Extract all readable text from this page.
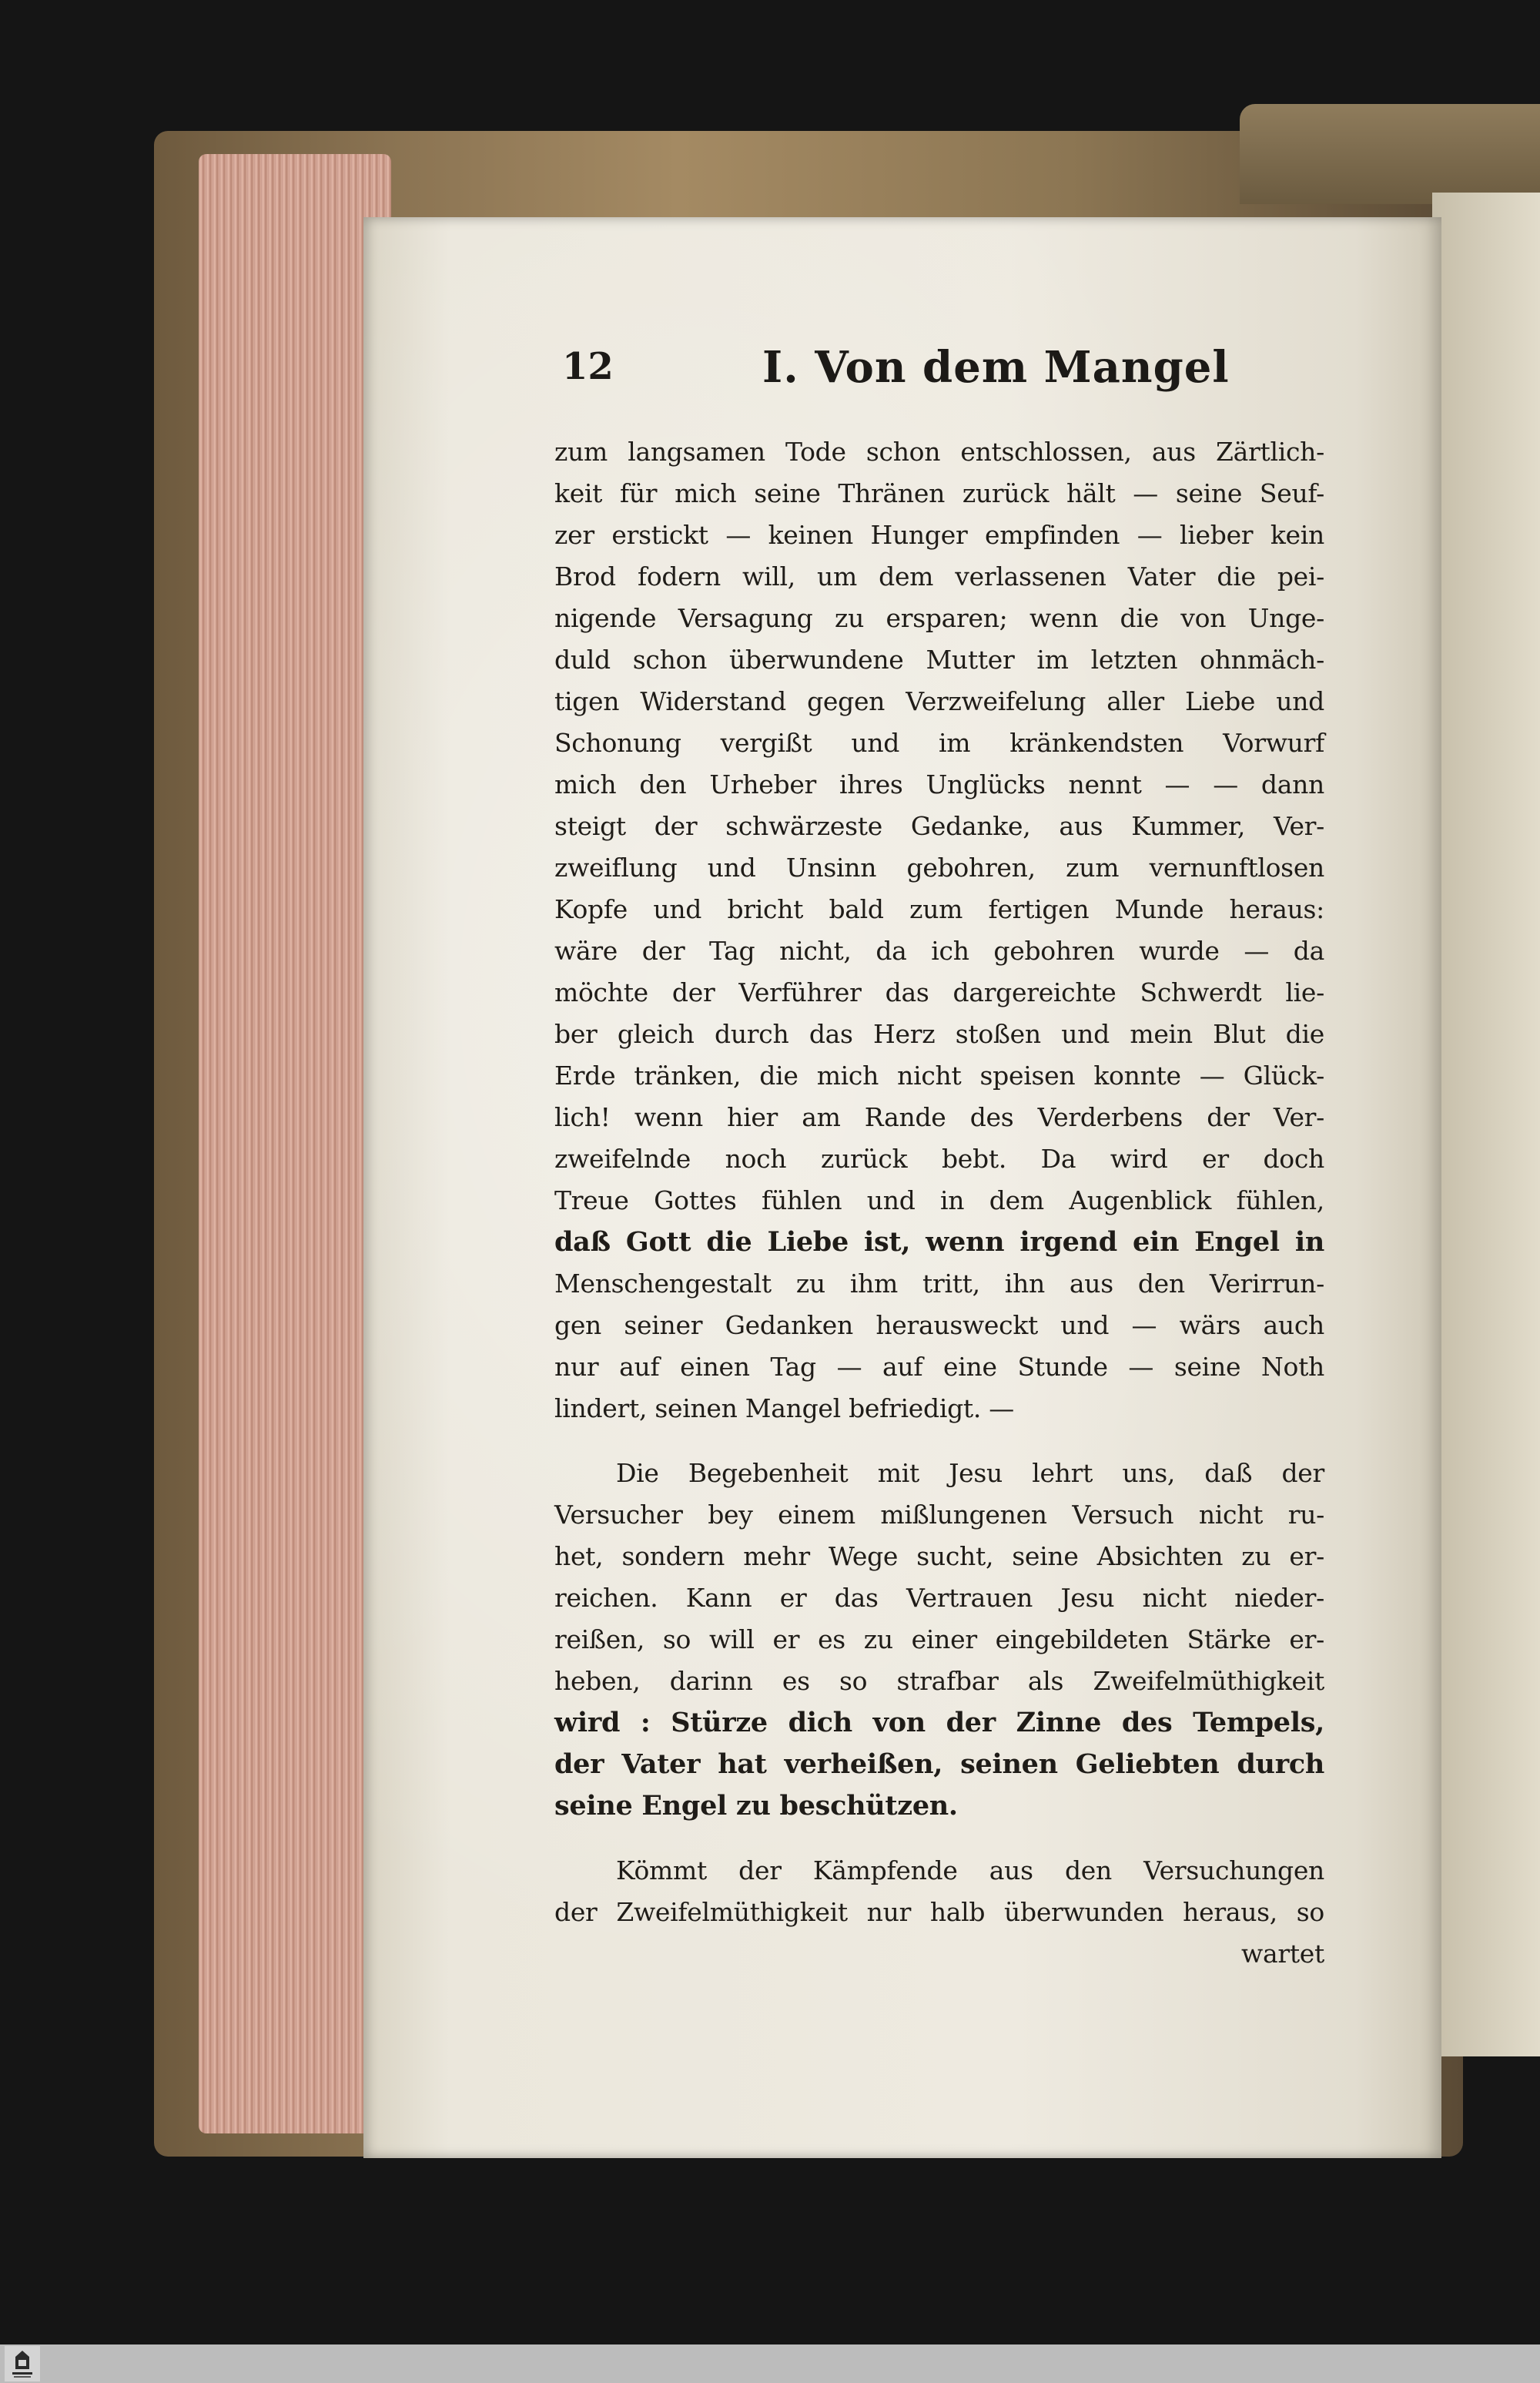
12	I. Von dem Mangel
zum langsamen Tode schon entschlossen, aus Zärtlich-
keit für mich seine Thränen zurück hält — seine Seuf-
zer erstickt — keinen Hunger empfinden — lieber kein
Brod fodern will, um dem verlassenen Vater die pei-
nigende Versagung zu ersparen; wenn die von Unge-
duld schon überwundene Mutter im letzten ohnmäch-
tigen Widerstand gegen Verzweifelung aller Liebe und
Schonung vergißt und im kränkendsten Vorwurf
mich den Urheber ihres Unglücks nennt — — dann
steigt der schwärzeste Gedanke, aus Kummer, Ver-
zweiflung und Unsinn gebohren, zum vernunftlosen
Kopfe und bricht bald zum fertigen Munde heraus:
wäre der Tag nicht, da ich gebohren wurde — da
möchte der Verführer das dargereichte Schwerdt lie-
ber gleich durch das Herz stoßen und mein Blut die
Erde tränken, die mich nicht speisen konnte — Glück-
lich! wenn hier am Rande des Verderbens der Ver-
zweifelnde noch zurück bebt. Da wird er doch
Treue Gottes fühlen und in dem Augenblick fühlen,
daß Gott die Liebe ist, wenn irgend ein Engel in
Menschengestalt zu ihm tritt, ihn aus den Verirrun-
gen seiner Gedanken herausweckt und — wärs auch
nur auf einen Tag — auf eine Stunde — seine Noth
lindert, seinen Mangel befriedigt. —
Die Begebenheit mit Jesu lehrt uns, daß der
Versucher bey einem mißlungenen Versuch nicht ru-
het, sondern mehr Wege sucht, seine Absichten zu er-
reichen. Kann er das Vertrauen Jesu nicht nieder-
reißen, so will er es zu einer eingebildeten Stärke er-
heben, darinn es so strafbar als Zweifelmüthigkeit
wird : Stürze dich von der Zinne des Tempels,
der Vater hat verheißen, seinen Geliebten durch
seine Engel zu beschützen.
Kömmt der Kämpfende aus den Versuchungen
der Zweifelmüthigkeit nur halb überwunden heraus, so
wartet
